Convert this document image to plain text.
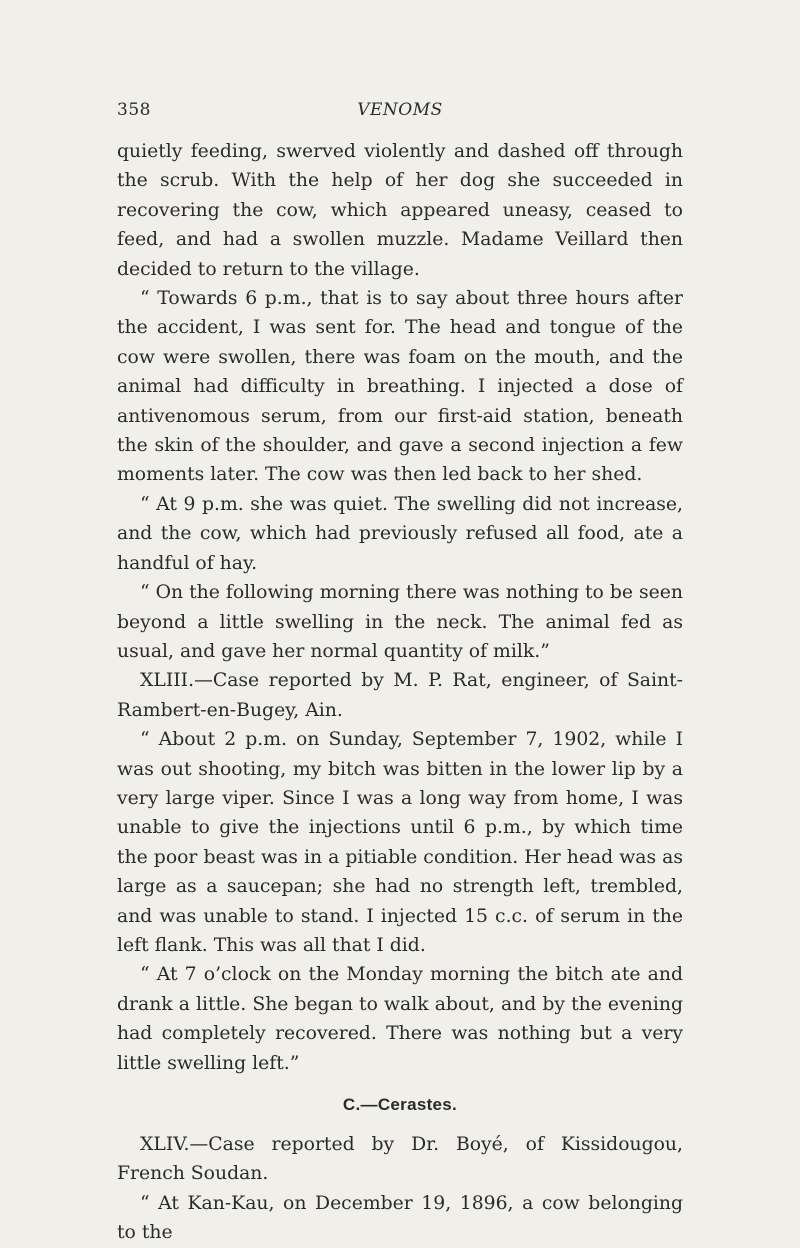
358	VENOMS

quietly feeding, swerved violently and dashed off through the scrub. With the help of her dog she succeeded in recovering the cow, which appeared uneasy, ceased to feed, and had a swollen muzzle. Madame Veillard then decided to return to the village.

“ Towards 6 p.m., that is to say about three hours after the accident, I was sent for. The head and tongue of the cow were swollen, there was foam on the mouth, and the animal had difficulty in breathing. I injected a dose of antivenomous serum, from our first-aid station, beneath the skin of the shoulder, and gave a second injection a few moments later. The cow was then led back to her shed.

“ At 9 p.m. she was quiet. The swelling did not increase, and the cow, which had previously refused all food, ate a handful of hay.

“ On the following morning there was nothing to be seen beyond a little swelling in the neck. The animal fed as usual, and gave her normal quantity of milk.”

XLIII.—Case reported by M. P. Rat, engineer, of Saint-Rambert-en-Bugey, Ain.

“ About 2 p.m. on Sunday, September 7, 1902, while I was out shooting, my bitch was bitten in the lower lip by a very large viper. Since I was a long way from home, I was unable to give the injections until 6 p.m., by which time the poor beast was in a pitiable condition. Her head was as large as a saucepan; she had no strength left, trembled, and was unable to stand. I injected 15 c.c. of serum in the left flank. This was all that I did.

“ At 7 o’clock on the Monday morning the bitch ate and drank a little. She began to walk about, and by the evening had completely recovered. There was nothing but a very little swelling left.”

C.—Cerastes.

XLIV.—Case reported by Dr. Boyé, of Kissidougou, French Soudan.

“ At Kan-Kau, on December 19, 1896, a cow belonging to the
